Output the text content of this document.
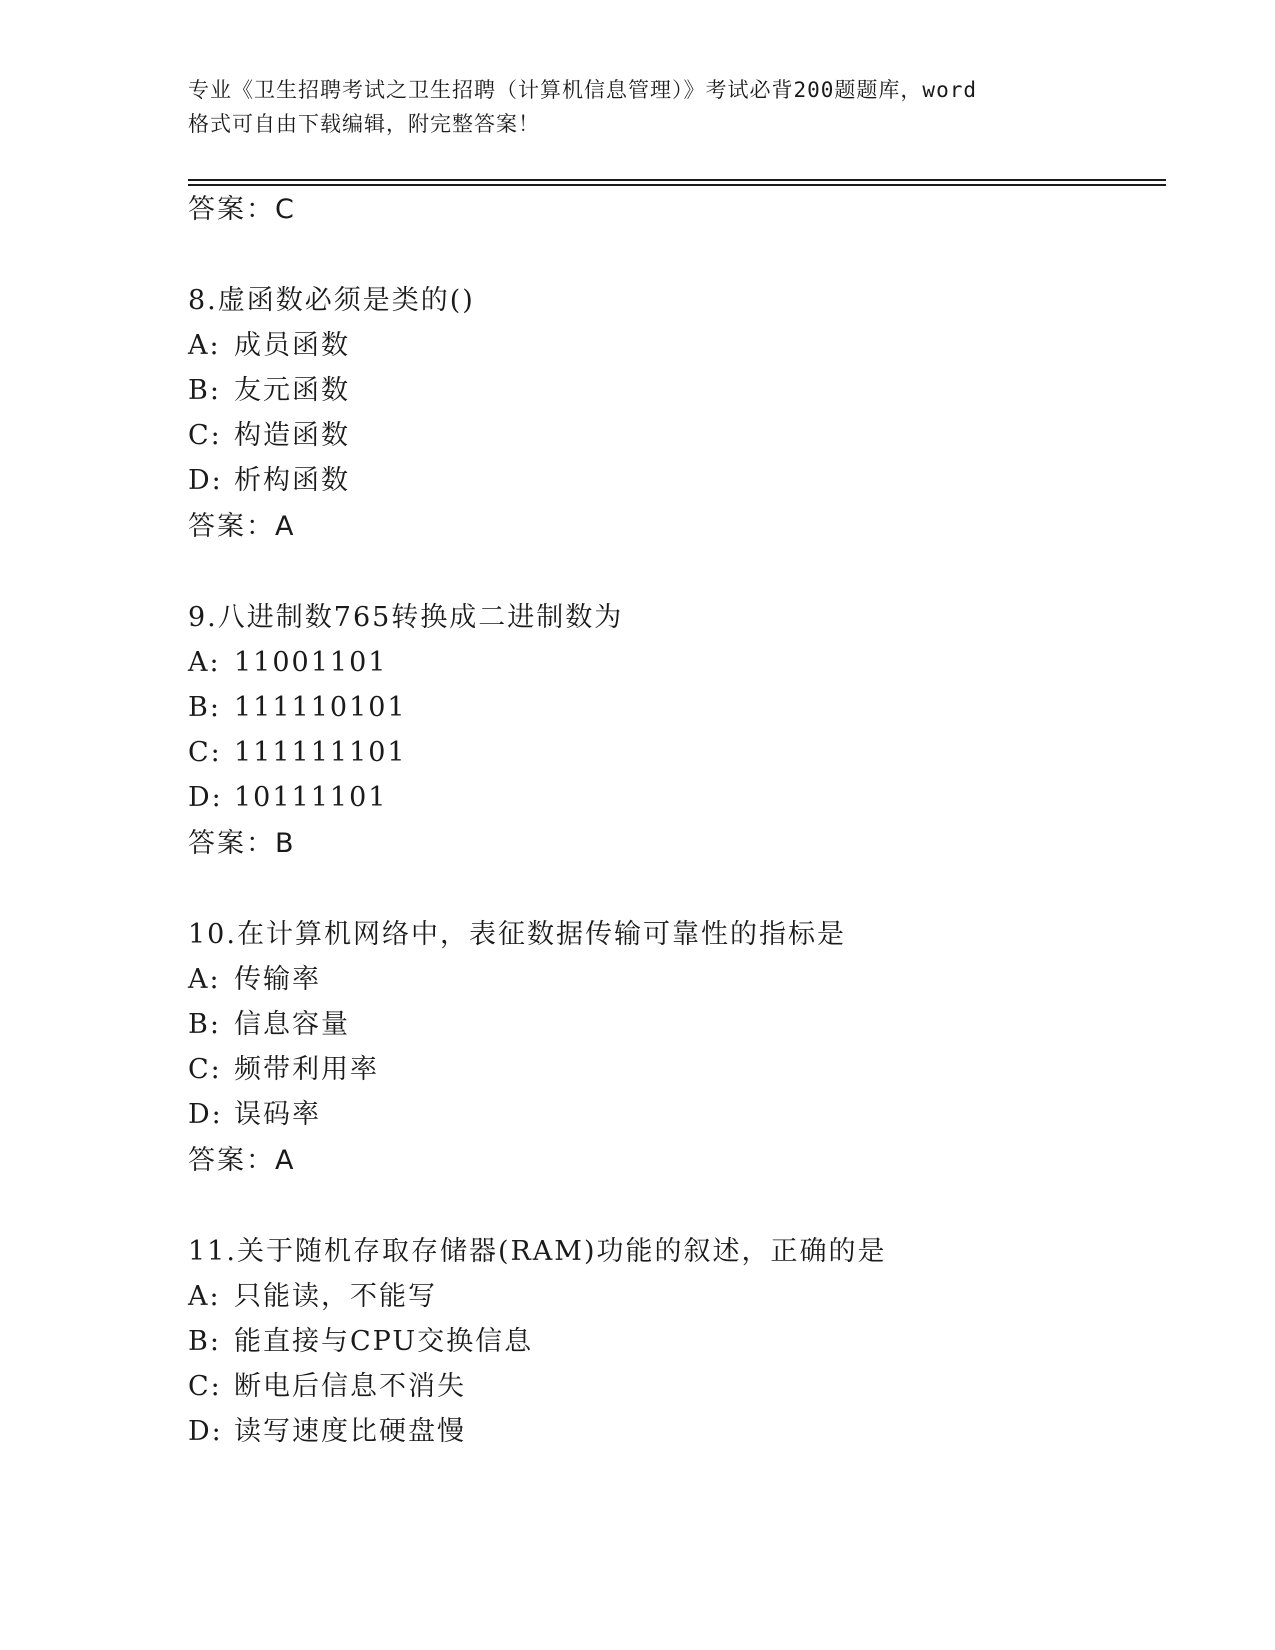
专业《卫生招聘考试之卫生招聘（计算机信息管理）》考试必背200题题库，word
格式可自由下载编辑，附完整答案！
答案：C
8.虚函数必须是类的()
A: 成员函数
B: 友元函数
C: 构造函数
D: 析构函数
答案：A
9.八进制数765转换成二进制数为
A: 11001101
B: 111110101
C: 111111101
D: 10111101
答案：B
10.在计算机网络中，表征数据传输可靠性的指标是
A: 传输率
B: 信息容量
C: 频带利用率
D: 误码率
答案：A
11.关于随机存取存储器(RAM)功能的叙述，正确的是
A: 只能读，不能写
B: 能直接与CPU交换信息
C: 断电后信息不消失
D: 读写速度比硬盘慢
